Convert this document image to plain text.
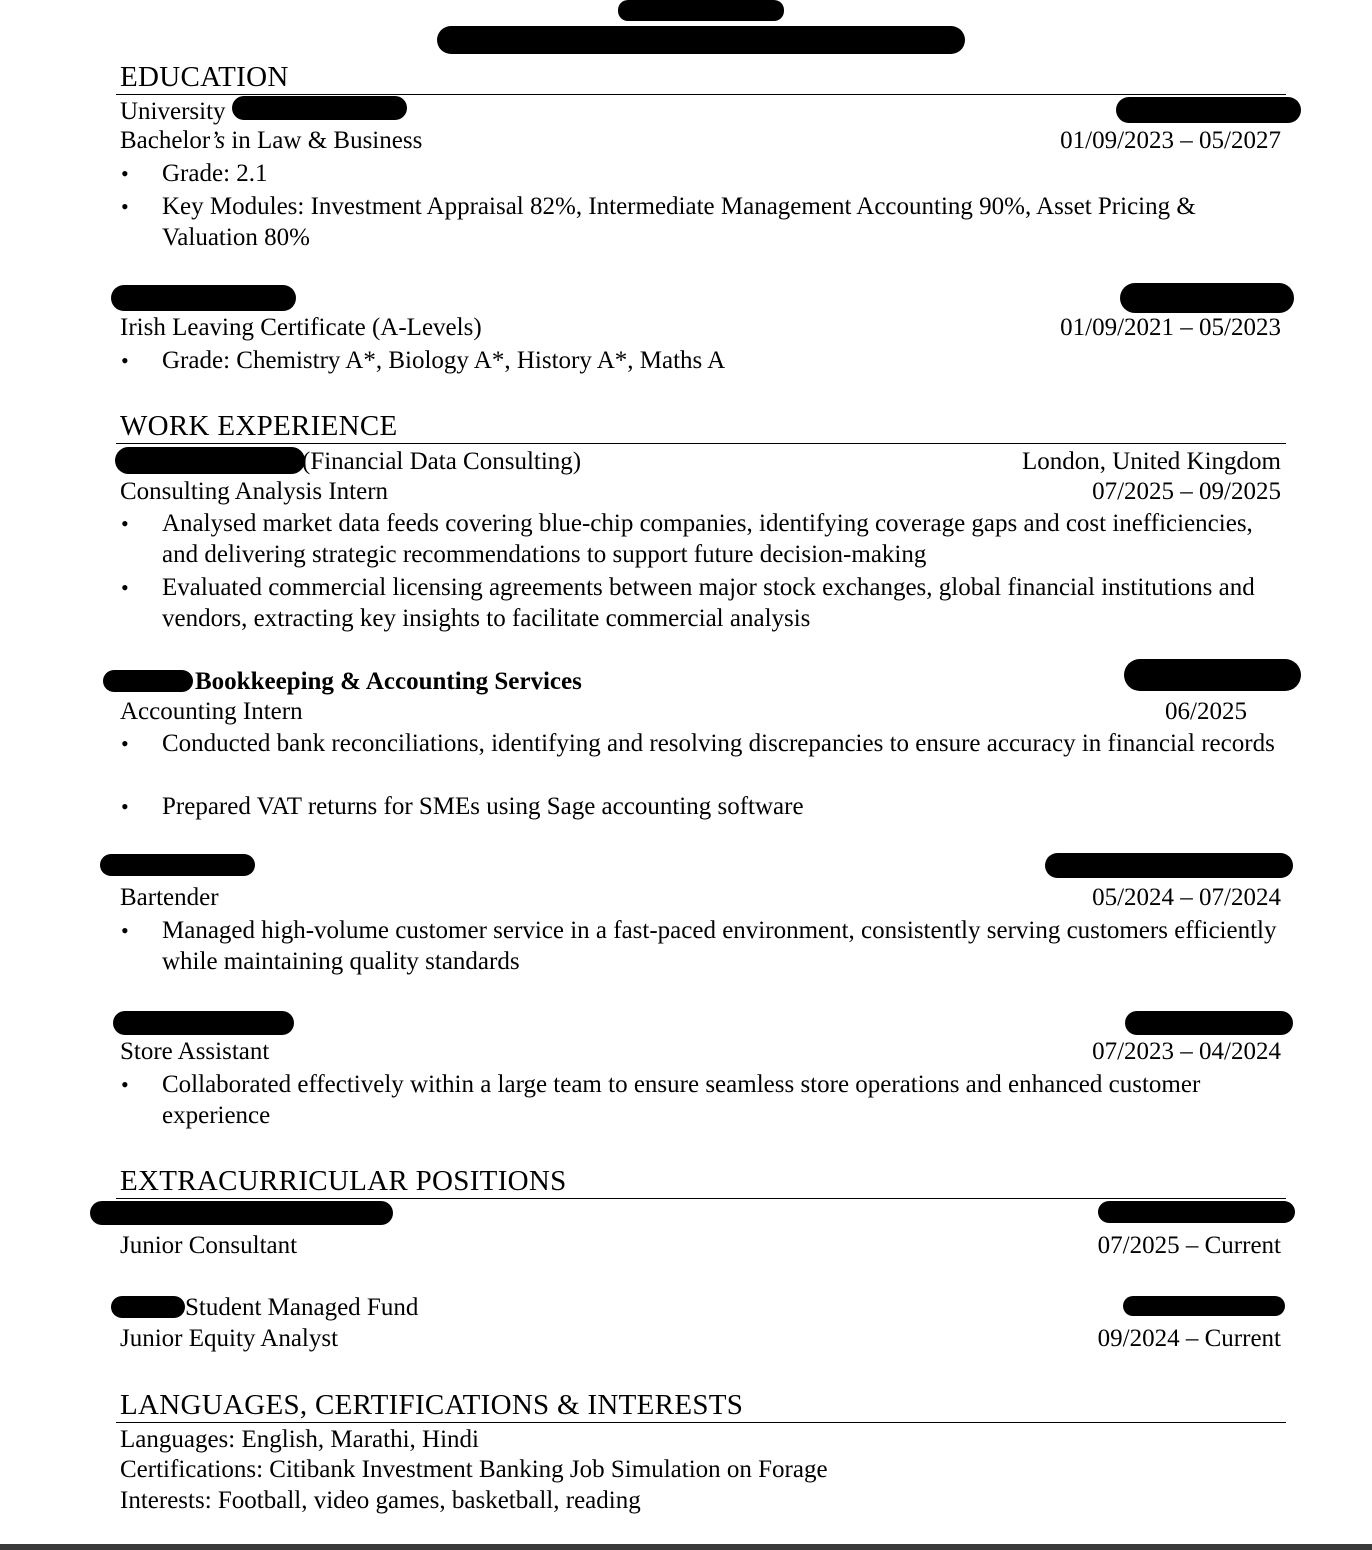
EDUCATION
University
Bachelor’s in Law & Business	01/09/2023 – 05/2027
• Grade: 2.1
• Key Modules: Investment Appraisal 82%, Intermediate Management Accounting 90%, Asset Pricing & Valuation 80%
Irish Leaving Certificate (A-Levels)	01/09/2021 – 05/2023
• Grade: Chemistry A*, Biology A*, History A*, Maths A
WORK EXPERIENCE
(Financial Data Consulting)	London, United Kingdom
Consulting Analysis Intern	07/2025 – 09/2025
• Analysed market data feeds covering blue-chip companies, identifying coverage gaps and cost inefficiencies, and delivering strategic recommendations to support future decision-making
• Evaluated commercial licensing agreements between major stock exchanges, global financial institutions and vendors, extracting key insights to facilitate commercial analysis
Bookkeeping & Accounting Services
Accounting Intern	06/2025
• Conducted bank reconciliations, identifying and resolving discrepancies to ensure accuracy in financial records
• Prepared VAT returns for SMEs using Sage accounting software
Bartender	05/2024 – 07/2024
• Managed high-volume customer service in a fast-paced environment, consistently serving customers efficiently while maintaining quality standards
Store Assistant	07/2023 – 04/2024
• Collaborated effectively within a large team to ensure seamless store operations and enhanced customer experience
EXTRACURRICULAR POSITIONS
Junior Consultant	07/2025 – Current
Student Managed Fund
Junior Equity Analyst	09/2024 – Current
LANGUAGES, CERTIFICATIONS & INTERESTS
Languages: English, Marathi, Hindi
Certifications: Citibank Investment Banking Job Simulation on Forage
Interests: Football, video games, basketball, reading
